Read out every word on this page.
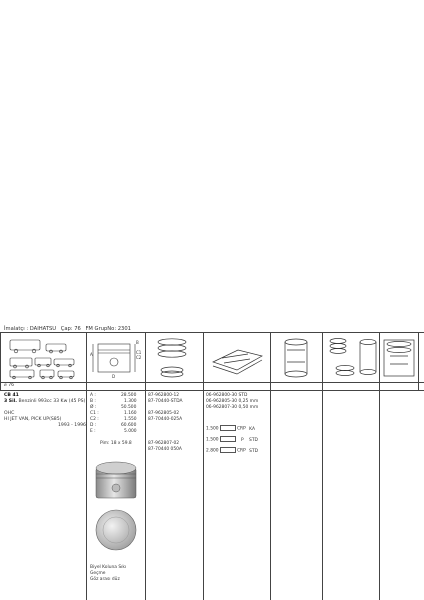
İmalatçı : DAIHATSU Çap: 76 FM GrupNo: 2301
A	C1
C2
B
D
⌀ 76
CB 41
3 Sil. Benzinli 993cc 33 Kw (45 PS)
OHC
HI JET VAN, PICK UP(S85)
1993 - 1996
A :	28.500
B :	1.300
Ø :	50.500
C1 :	1.160
C2 :	1.550
D :	60.600
E :	5.000
Pim: 18 x 59.8
Biyel Koluna Sıkı
Geçme
Göz arası düz
87-962800-12
87-70440-STDA
87-962805-02
87-70440-025A
87-962807-02
87-70440 050A
06-962800-30 STD
06-962805-30 0,25 mm
06-962807-30 0,50 mm
1.500	CRP KA
1.500	P STD
2.800	CRP STD
